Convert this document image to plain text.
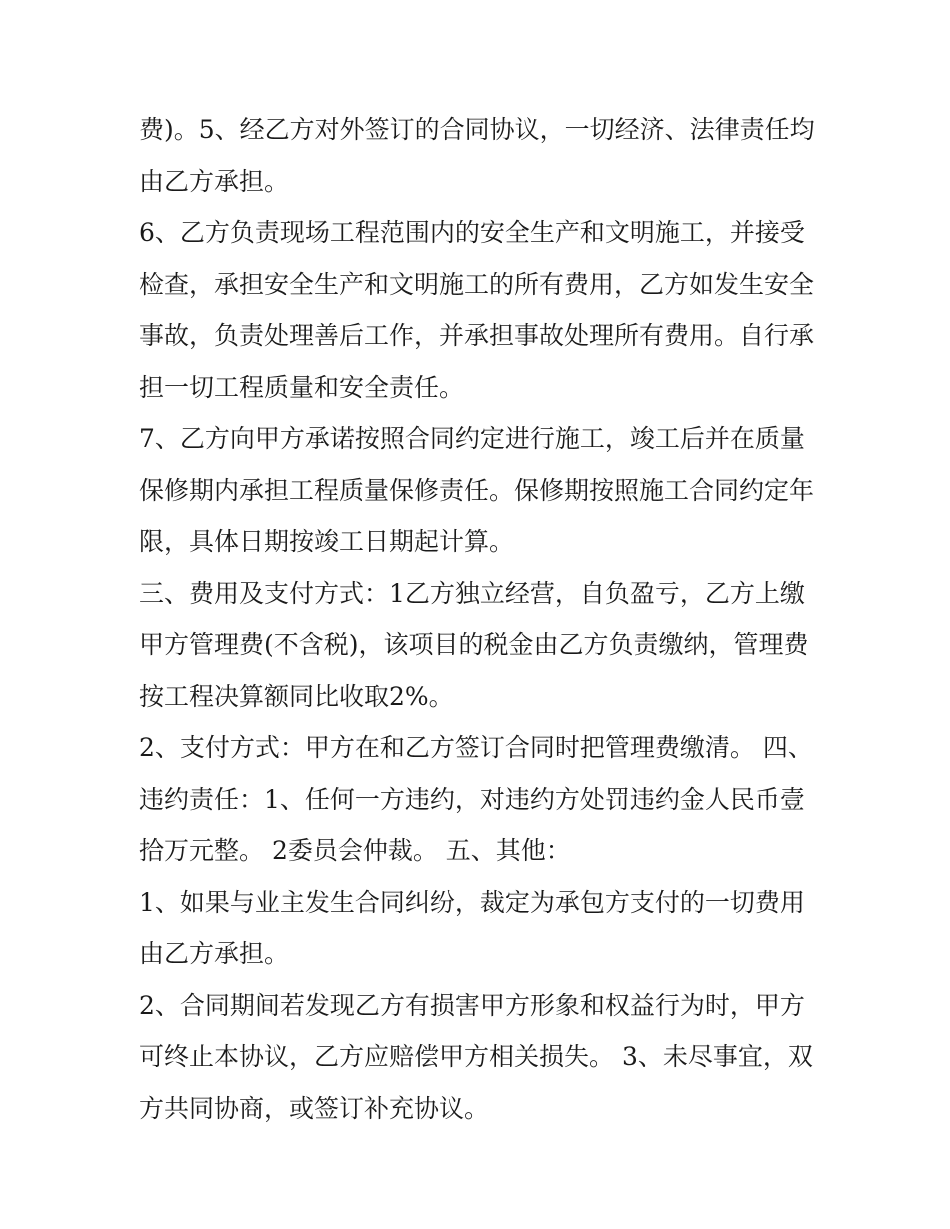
费)。5、经乙方对外签订的合同协议，一切经济、法律责任均
由乙方承担。
6、乙方负责现场工程范围内的安全生产和文明施工，并接受
检查，承担安全生产和文明施工的所有费用，乙方如发生安全
事故，负责处理善后工作，并承担事故处理所有费用。自行承
担一切工程质量和安全责任。
7、乙方向甲方承诺按照合同约定进行施工，竣工后并在质量
保修期内承担工程质量保修责任。保修期按照施工合同约定年
限，具体日期按竣工日期起计算。
三、费用及支付方式：1乙方独立经营，自负盈亏，乙方上缴
甲方管理费(不含税)，该项目的税金由乙方负责缴纳，管理费
按工程决算额同比收取2%。
2、支付方式：甲方在和乙方签订合同时把管理费缴清。 四、
违约责任：1、任何一方违约，对违约方处罚违约金人民币壹
拾万元整。 2委员会仲裁。 五、其他：
1、如果与业主发生合同纠纷，裁定为承包方支付的一切费用
由乙方承担。
2、合同期间若发现乙方有损害甲方形象和权益行为时，甲方
可终止本协议，乙方应赔偿甲方相关损失。 3、未尽事宜，双
方共同协商，或签订补充协议。
